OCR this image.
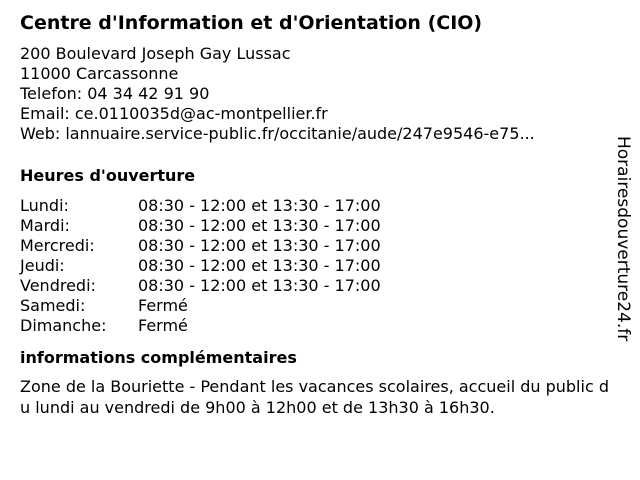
Centre d'Information et d'Orientation (CIO)
200 Boulevard Joseph Gay Lussac
11000 Carcassonne
Telefon: 04 34 42 91 90
Email: ce.0110035d@ac-montpellier.fr
Web: lannuaire.service-public.fr/occitanie/aude/247e9546-e75...
Heures d'ouverture
Lundi:	08:30 - 12:00 et 13:30 - 17:00
Mardi:	08:30 - 12:00 et 13:30 - 17:00
Mercredi:	08:30 - 12:00 et 13:30 - 17:00
Jeudi:	08:30 - 12:00 et 13:30 - 17:00
Vendredi:	08:30 - 12:00 et 13:30 - 17:00
Samedi:	Fermé
Dimanche:	Fermé
informations complémentaires
Zone de la Bouriette - Pendant les vacances scolaires, accueil du public du lundi au vendredi de 9h00 à 12h00 et de 13h30 à 16h30.
Horairesdouverture24.fr
